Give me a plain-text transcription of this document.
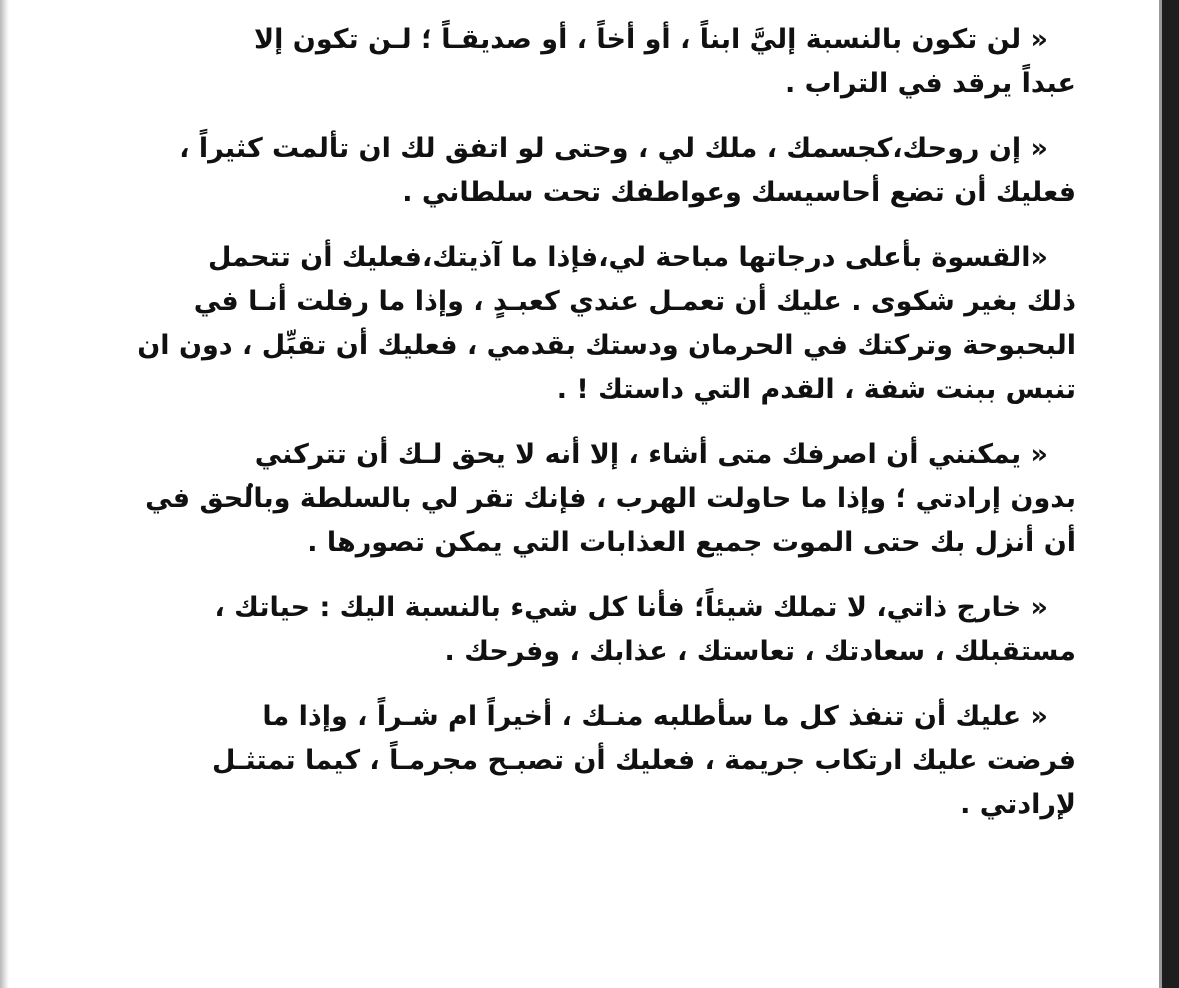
« لن تكون بالنسبة إليَّ ابناً ، أو أخاً ، أو صديقـاً ؛ لـن تكون إلا
عبداً يرقد في التراب .

« إن روحك،كجسمك ، ملك لي ، وحتى لو اتفق لك ان تألمت كثيراً ،
فعليك أن تضع أحاسيسك وعواطفك تحت سلطاني .

«القسوة بأعلى درجاتها مباحة لي،فإذا ما آذيتك،فعليك أن تتحمل
ذلك بغير شكوى . عليك أن تعمـل عندي كعبـدٍ ، وإذا ما رفلت أنـا في
البحبوحة وتركتك في الحرمان ودستك بقدمي ، فعليك أن تقبِّل ، دون ان
تنبس ببنت شفة ، القدم التي داستك ! .

« يمكنني أن اصرفك متى أشاء ، إلا أنه لا يحق لـك أن تتركني
بدون إرادتي ؛ وإذا ما حاولت الهرب ، فإنك تقر لي بالسلطة وبالحق في
أن أنزل بك حتى الموت جميع العذابات التي يمكن تصورها .

« خارج ذاتي، لا تملك شيئاً؛ فأنا كل شيء بالنسبة اليك : حياتك ،
مستقبلك ، سعادتك ، تعاستك ، عذابك ، وفرحك .

« عليك أن تنفذ كل ما سأطلبه منـك ، أخيراً ام شـراً ، وإذا ما
فرضت عليك ارتكاب جريمة ، فعليك أن تصبـح مجرمـاً ، كيما تمتثـل
لإرادتي .
